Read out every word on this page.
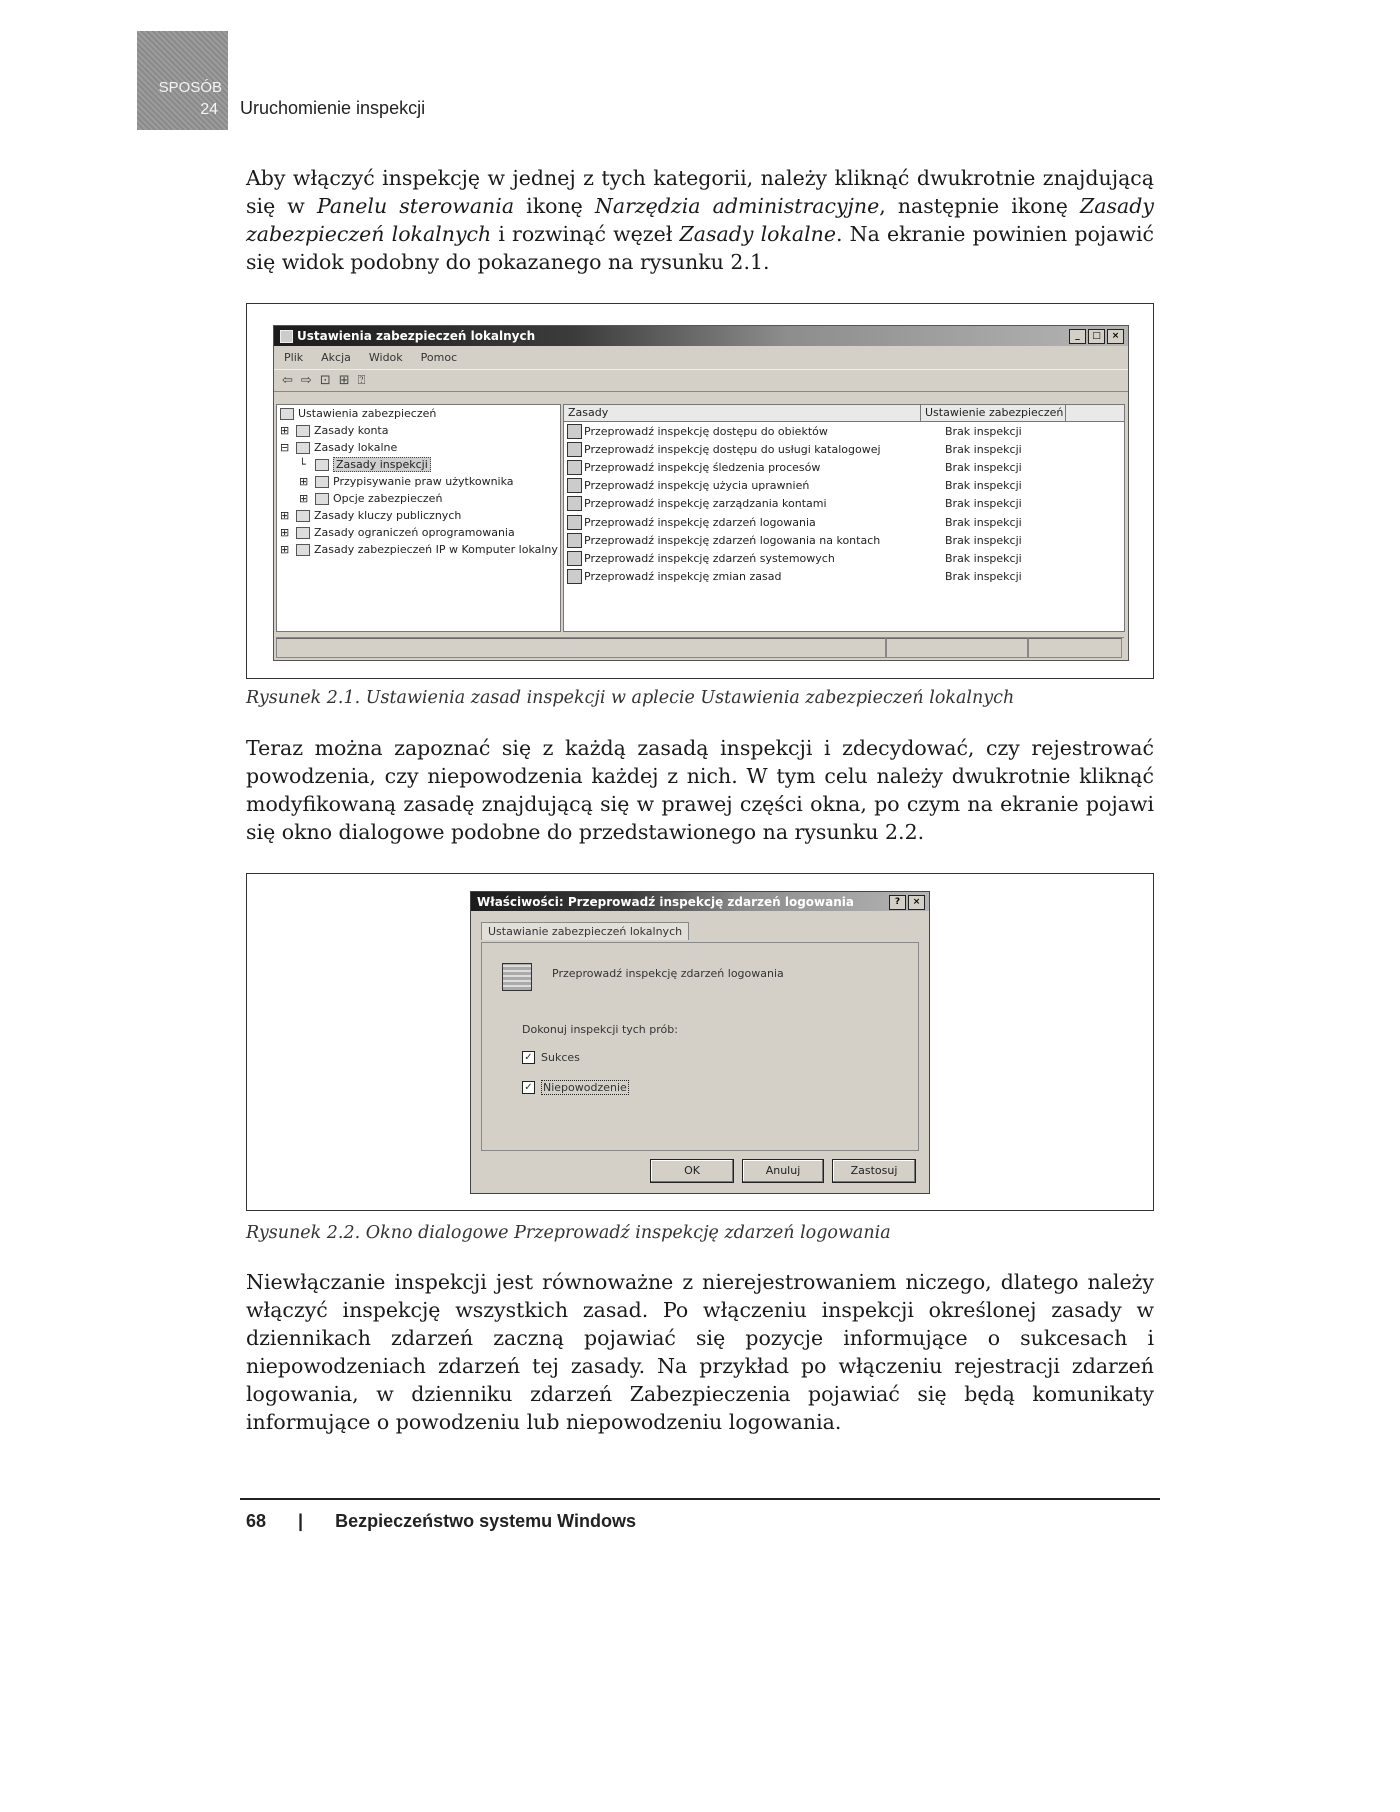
SPOSÓB
24 Uruchomienie inspekcji
Aby włączyć inspekcję w jednej z tych kategorii, należy kliknąć dwukrotnie znajdującą się w Panelu sterowania ikonę Narzędzia administracyjne, następnie ikonę Zasady zabezpieczeń lokalnych i rozwinąć węzeł Zasady lokalne. Na ekranie powinien pojawić się widok podobny do pokazanego na rysunku 2.1.
Ustawienia zabezpieczeń lokalnych	_	□	×
Plik Akcja Widok Pomoc
⇦ ⇨ ⊡ ⊞ ⍰
Ustawienia zabezpieczeń
⊞	Zasady konta
⊟	Zasady lokalne
└	Zasady inspekcji
⊞	Przypisywanie praw użytkownika
⊞	Opcje zabezpieczeń
⊞	Zasady kluczy publicznych
⊞	Zasady ograniczeń oprogramowania
⊞	Zasady zabezpieczeń IP w Komputer lokalny
Zasady	Ustawienie zabezpieczeń
Przeprowadź inspekcję dostępu do obiektów	Brak inspekcji
Przeprowadź inspekcję dostępu do usługi katalogowej	Brak inspekcji
Przeprowadź inspekcję śledzenia procesów	Brak inspekcji
Przeprowadź inspekcję użycia uprawnień	Brak inspekcji
Przeprowadź inspekcję zarządzania kontami	Brak inspekcji
Przeprowadź inspekcję zdarzeń logowania	Brak inspekcji
Przeprowadź inspekcję zdarzeń logowania na kontach	Brak inspekcji
Przeprowadź inspekcję zdarzeń systemowych	Brak inspekcji
Przeprowadź inspekcję zmian zasad	Brak inspekcji
Rysunek 2.1. Ustawienia zasad inspekcji w aplecie Ustawienia zabezpieczeń lokalnych
Teraz można zapoznać się z każdą zasadą inspekcji i zdecydować, czy rejestrować powodzenia, czy niepowodzenia każdej z nich. W tym celu należy dwukrotnie kliknąć modyfikowaną zasadę znajdującą się w prawej części okna, po czym na ekranie pojawi się okno dialogowe podobne do przedstawionego na rysunku 2.2.
Właściwości: Przeprowadź inspekcję zdarzeń logowania	?	×
Ustawianie zabezpieczeń lokalnych
Przeprowadź inspekcję zdarzeń logowania
Dokonuj inspekcji tych prób:
✓ Sukces
✓ Niepowodzenie
OK	Anuluj	Zastosuj
Rysunek 2.2. Okno dialogowe Przeprowadź inspekcję zdarzeń logowania
Niewłączanie inspekcji jest równoważne z nierejestrowaniem niczego, dlatego należy włączyć inspekcję wszystkich zasad. Po włączeniu inspekcji określonej zasady w dziennikach zdarzeń zaczną pojawiać się pozycje informujące o sukcesach i niepowodzeniach zdarzeń tej zasady. Na przykład po włączeniu rejestracji zdarzeń logowania, w dzienniku zdarzeń Zabezpieczenia pojawiać się będą komunikaty informujące o powodzeniu lub niepowodzeniu logowania.
68 | Bezpieczeństwo systemu Windows
